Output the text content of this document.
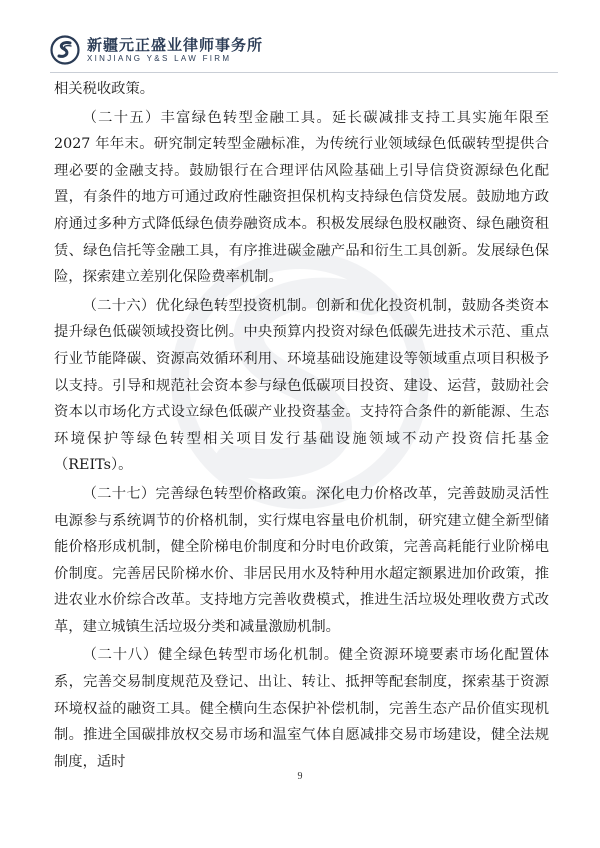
新疆元正盛业律师事务所
XINJIANG Y&S LAW FIRM

相关税收政策。

（二十五）丰富绿色转型金融工具。延长碳减排支持工具实施年限至 2027 年年末。研究制定转型金融标准，为传统行业领域绿色低碳转型提供合理必要的金融支持。鼓励银行在合理评估风险基础上引导信贷资源绿色化配置，有条件的地方可通过政府性融资担保机构支持绿色信贷发展。鼓励地方政府通过多种方式降低绿色债券融资成本。积极发展绿色股权融资、绿色融资租赁、绿色信托等金融工具，有序推进碳金融产品和衍生工具创新。发展绿色保险，探索建立差别化保险费率机制。

（二十六）优化绿色转型投资机制。创新和优化投资机制，鼓励各类资本提升绿色低碳领域投资比例。中央预算内投资对绿色低碳先进技术示范、重点行业节能降碳、资源高效循环利用、环境基础设施建设等领域重点项目积极予以支持。引导和规范社会资本参与绿色低碳项目投资、建设、运营，鼓励社会资本以市场化方式设立绿色低碳产业投资基金。支持符合条件的新能源、生态环境保护等绿色转型相关项目发行基础设施领域不动产投资信托基金（REITs）。

（二十七）完善绿色转型价格政策。深化电力价格改革，完善鼓励灵活性电源参与系统调节的价格机制，实行煤电容量电价机制，研究建立健全新型储能价格形成机制，健全阶梯电价制度和分时电价政策，完善高耗能行业阶梯电价制度。完善居民阶梯水价、非居民用水及特种用水超定额累进加价政策，推进农业水价综合改革。支持地方完善收费模式，推进生活垃圾处理收费方式改革，建立城镇生活垃圾分类和减量激励机制。

（二十八）健全绿色转型市场化机制。健全资源环境要素市场化配置体系，完善交易制度规范及登记、出让、转让、抵押等配套制度，探索基于资源环境权益的融资工具。健全横向生态保护补偿机制，完善生态产品价值实现机制。推进全国碳排放权交易市场和温室气体自愿减排交易市场建设，健全法规制度，适时

9
